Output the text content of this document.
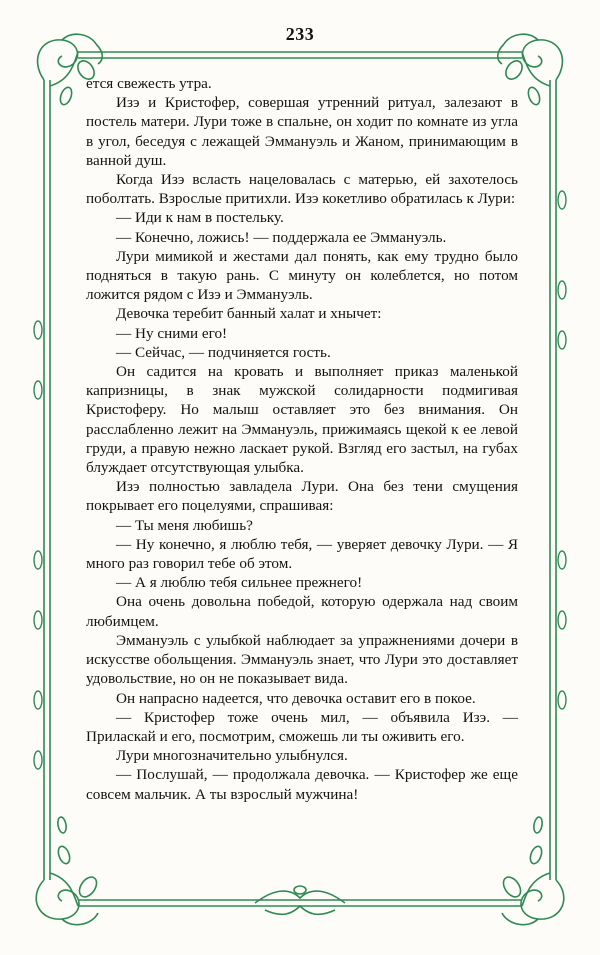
233

ется свежесть утра.

Изэ и Кристофер, совершая утренний ритуал, залезают в постель матери. Лури тоже в спальне, он ходит по комнате из угла в угол, беседуя с лежащей Эммануэль и Жаном, принимающим в ванной душ.

Когда Изэ всласть нацеловалась с матерью, ей захотелось поболтать. Взрослые притихли. Изэ кокетливо обратилась к Лури:

— Иди к нам в постельку.

— Конечно, ложись! — поддержала ее Эммануэль.

Лури мимикой и жестами дал понять, как ему трудно было подняться в такую рань. С минуту он колеблется, но потом ложится рядом с Изэ и Эммануэль.

Девочка теребит банный халат и хнычет:

— Ну сними его!

— Сейчас, — подчиняется гость.

Он садится на кровать и выполняет приказ маленькой капризницы, в знак мужской солидарности подмигивая Кристоферу. Но малыш оставляет это без внимания. Он расслабленно лежит на Эммануэль, прижимаясь щекой к ее левой груди, а правую нежно ласкает рукой. Взгляд его застыл, на губах блуждает отсутствующая улыбка.

Изэ полностью завладела Лури. Она без тени смущения покрывает его поцелуями, спрашивая:

— Ты меня любишь?

— Ну конечно, я люблю тебя, — уверяет девочку Лури. — Я много раз говорил тебе об этом.

— А я люблю тебя сильнее прежнего!

Она очень довольна победой, которую одержала над своим любимцем.

Эммануэль с улыбкой наблюдает за упражнениями дочери в искусстве обольщения. Эммануэль знает, что Лури это доставляет удовольствие, но он не показывает вида.

Он напрасно надеется, что девочка оставит его в покое.

— Кристофер тоже очень мил, — объявила Изэ. — Приласкай и его, посмотрим, сможешь ли ты оживить его.

Лури многозначительно улыбнулся.

— Послушай, — продолжала девочка. — Кристофер же еще совсем мальчик. А ты взрослый мужчина!
